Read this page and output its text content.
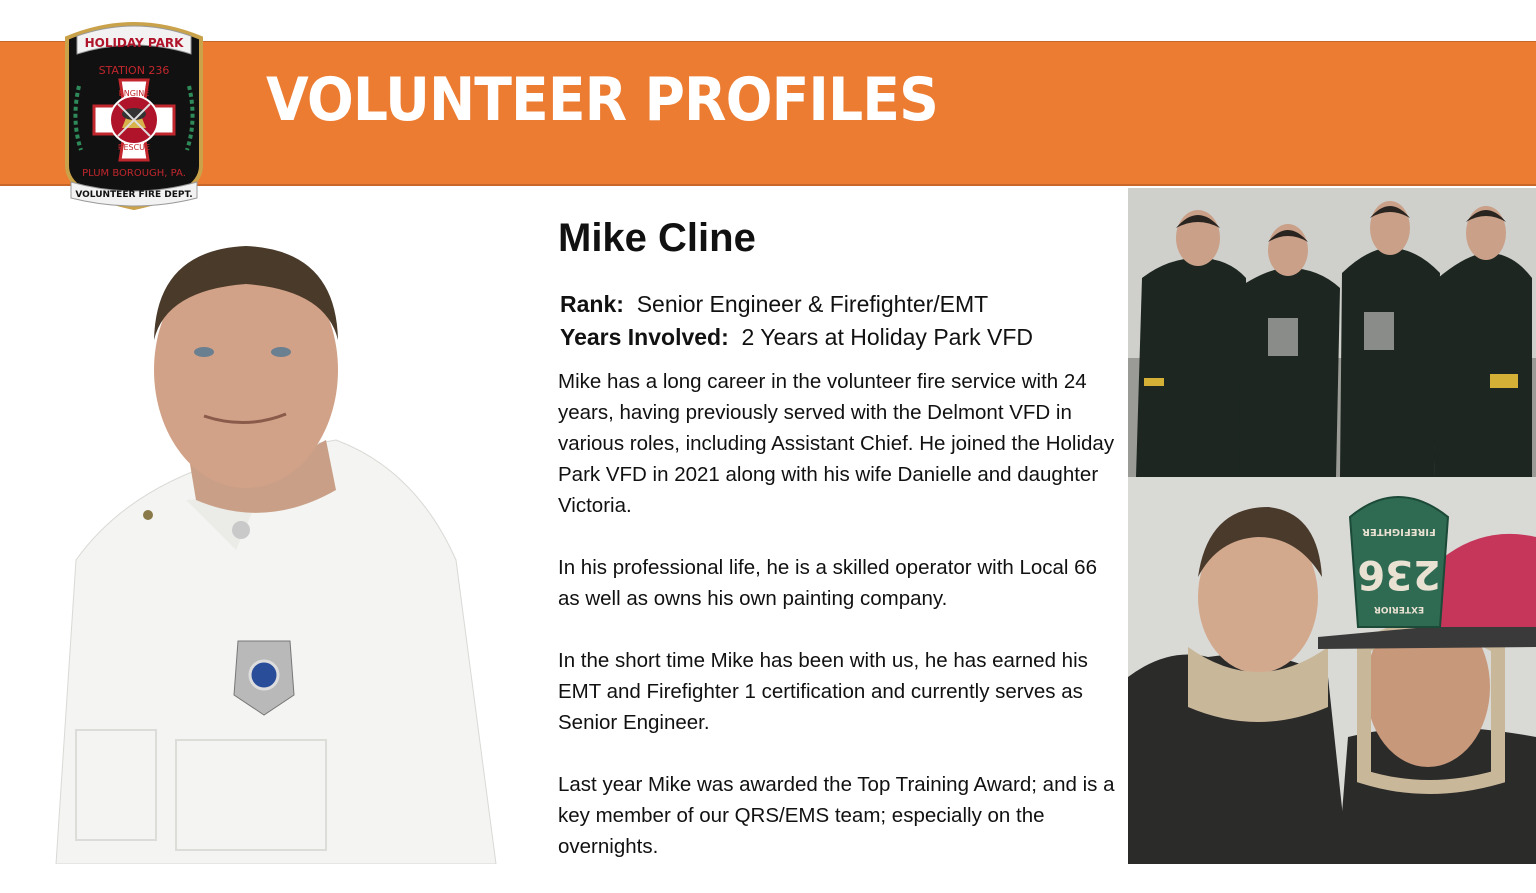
VOLUNTEER PROFILES
HOLIDAY PARK
STATION 236
ENGINE
RESCUE
PLUM BOROUGH, PA.
VOLUNTEER FIRE DEPT.
Mike Cline
Rank: Senior Engineer & Firefighter/EMT
Years Involved: 2 Years at Holiday Park VFD

Mike has a long career in the volunteer fire service with 24 years, having previously served with the Delmont VFD in various roles, including Assistant Chief. He joined the Holiday Park VFD in 2021 along with his wife Danielle and daughter Victoria.

In his professional life, he is a skilled operator with Local 66 as well as owns his own painting company.

In the short time Mike has been with us, he has earned his EMT and Firefighter 1 certification and currently serves as Senior Engineer.

Last year Mike was awarded the Top Training Award; and is a key member of our QRS/EMS team; especially on the overnights.

FIREFIGHTER
236
EXTERIOR
